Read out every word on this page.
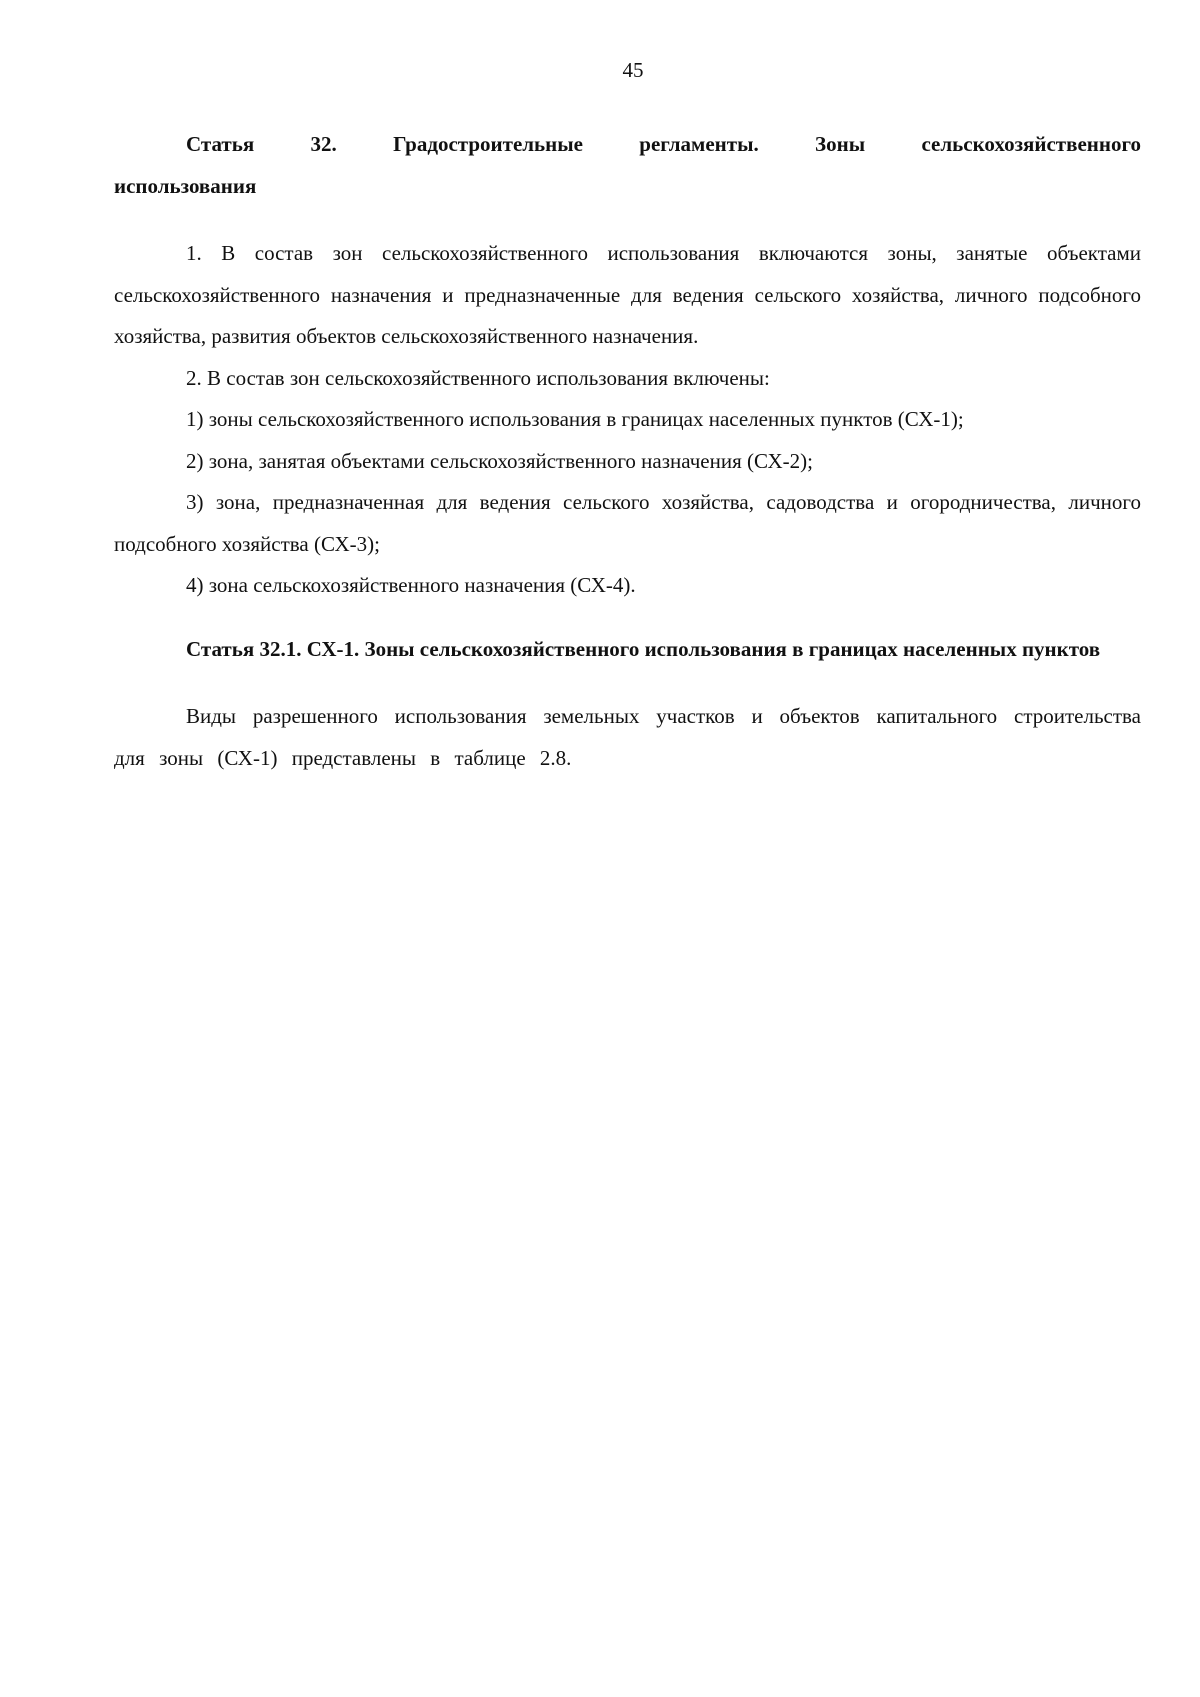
45

Статья 32. Градостроительные регламенты. Зоны сельскохозяйственного использования

1. В состав зон сельскохозяйственного использования включаются зоны, занятые объектами сельскохозяйственного назначения и предназначенные для ведения сельского хозяйства, личного подсобного хозяйства, развития объектов сельскохозяйственного назначения.

2. В состав зон сельскохозяйственного использования включены:

1) зоны сельскохозяйственного использования в границах населенных пунктов (СХ-1);

2) зона, занятая объектами сельскохозяйственного назначения (СХ-2);

3) зона, предназначенная для ведения сельского хозяйства, садоводства и огородничества, личного подсобного хозяйства (СХ-3);

4) зона сельскохозяйственного назначения (СХ-4).

Статья 32.1. СХ-1. Зоны сельскохозяйственного использования в границах населенных пунктов

Виды разрешенного использования земельных участков и объектов капитального строительства для зоны (СХ-1) представлены в таблице 2.8.
